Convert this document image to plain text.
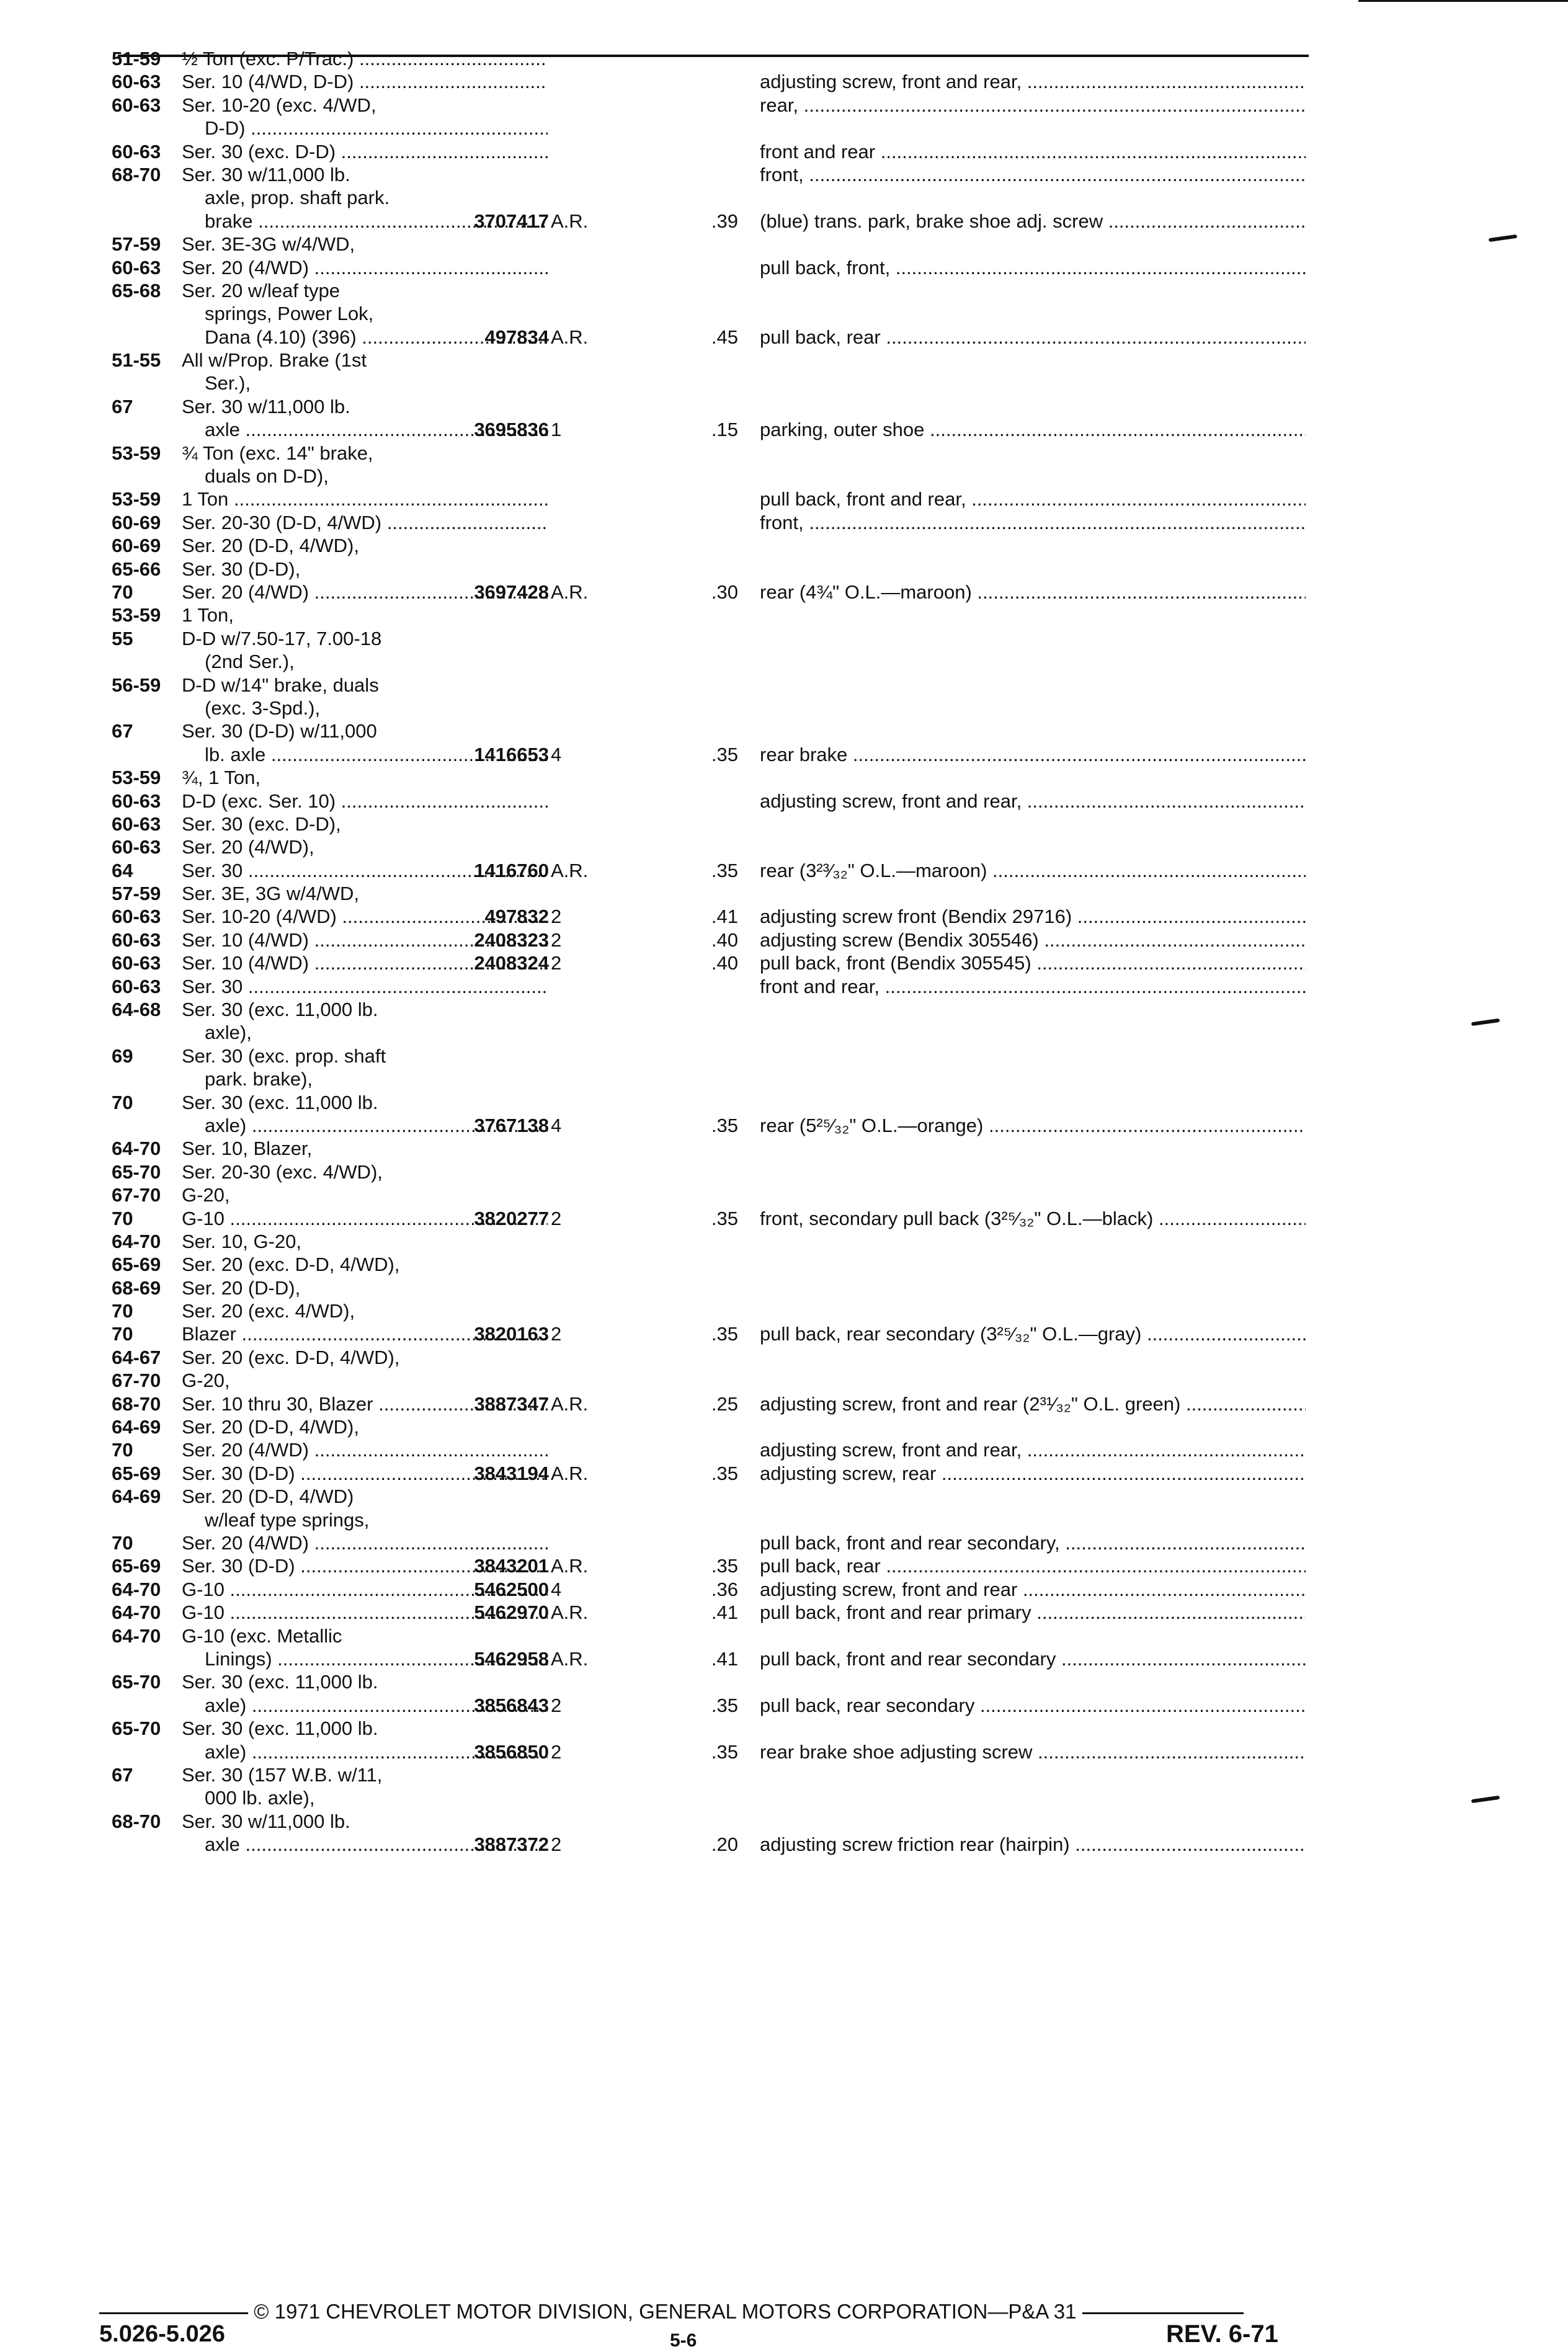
51-59	½ Ton (exc. P/Trac.) .....
60-63	Ser. 10 (4/WD, D-D) .....	adjusting screw, front and rear, .....
60-63	Ser. 10-20 (exc. 4/WD,	rear, .....
D-D) .....
60-63	Ser. 30 (exc. D-D) .....	front and rear .....
68-70	Ser. 30 w/11,000 lb.	front, .....
axle, prop. shaft park.
brake .....	3707417 A.R.	.39 (blue) trans. park, brake shoe adj. screw .....
57-59	Ser. 3E-3G w/4/WD,
60-63	Ser. 20 (4/WD) .....	pull back, front, .....
65-68	Ser. 20 w/leaf type
springs, Power Lok,
Dana (4.10) (396) .....	497834 A.R.	.45 pull back, rear .....
51-55	All w/Prop. Brake (1st
Ser.),
67	Ser. 30 w/11,000 lb.
axle .....	3695836 1	.15 parking, outer shoe .....
53-59	¾ Ton (exc. 14" brake,
duals on D-D),
53-59	1 Ton .....	pull back, front and rear, .....
60-69	Ser. 20-30 (D-D, 4/WD) .....	front, .....
60-69	Ser. 20 (D-D, 4/WD),
65-66	Ser. 30 (D-D),
70	Ser. 20 (4/WD) .....	3697428 A.R.	.30 rear (4¾" O.L.—maroon) .....
53-59	1 Ton,
55	D-D w/7.50-17, 7.00-18
(2nd Ser.),
56-59	D-D w/14" brake, duals
(exc. 3-Spd.),
67	Ser. 30 (D-D) w/11,000
lb. axle .....	1416653 4	.35 rear brake .....
53-59	¾, 1 Ton,
60-63	D-D (exc. Ser. 10) .....	adjusting screw, front and rear, .....
60-63	Ser. 30 (exc. D-D),
60-63	Ser. 20 (4/WD),
64	Ser. 30 .....	1416760 A.R.	.35 rear (3²³⁄₃₂" O.L.—maroon) .....
57-59	Ser. 3E, 3G w/4/WD,
60-63	Ser. 10-20 (4/WD) .....	497832 2	.41 adjusting screw front (Bendix 29716) .....
60-63	Ser. 10 (4/WD) .....	2408323 2	.40 adjusting screw (Bendix 305546) .....
60-63	Ser. 10 (4/WD) .....	2408324 2	.40 pull back, front (Bendix 305545) .....
60-63	Ser. 30 .....	front and rear, .....
64-68	Ser. 30 (exc. 11,000 lb.
axle),
69	Ser. 30 (exc. prop. shaft
park. brake),
70	Ser. 30 (exc. 11,000 lb.
axle) .....	3767138 4	.35 rear (5²⁵⁄₃₂" O.L.—orange) .....
64-70	Ser. 10, Blazer,
65-70	Ser. 20-30 (exc. 4/WD),
67-70	G-20,
70	G-10 .....	3820277 2	.35 front, secondary pull back (3²⁵⁄₃₂" O.L.—black) .....
64-70	Ser. 10, G-20,
65-69	Ser. 20 (exc. D-D, 4/WD),
68-69	Ser. 20 (D-D),
70	Ser. 20 (exc. 4/WD),
70	Blazer .....	3820163 2	.35 pull back, rear secondary (3²⁵⁄₃₂" O.L.—gray) .....
64-67	Ser. 20 (exc. D-D, 4/WD),
67-70	G-20,
68-70	Ser. 10 thru 30, Blazer .....	3887347 A.R.	.25 adjusting screw, front and rear (2³¹⁄₃₂" O.L. green) .....
64-69	Ser. 20 (D-D, 4/WD),
70	Ser. 20 (4/WD) .....	adjusting screw, front and rear, .....
65-69	Ser. 30 (D-D) .....	3843194 A.R.	.35 adjusting screw, rear .....
64-69	Ser. 20 (D-D, 4/WD)
w/leaf type springs,
70	Ser. 20 (4/WD) .....	pull back, front and rear secondary, .....
65-69	Ser. 30 (D-D) .....	3843201 A.R.	.35 pull back, rear .....
64-70	G-10 .....	5462500 4	.36 adjusting screw, front and rear .....
64-70	G-10 .....	5462970 A.R.	.41 pull back, front and rear primary .....
64-70	G-10 (exc. Metallic
Linings) .....	5462958 A.R.	.41 pull back, front and rear secondary .....
65-70	Ser. 30 (exc. 11,000 lb.
axle) .....	3856843 2	.35 pull back, rear secondary .....
65-70	Ser. 30 (exc. 11,000 lb.
axle) .....	3856850 2	.35 rear brake shoe adjusting screw .....
67	Ser. 30 (157 W.B. w/11,
000 lb. axle),
68-70	Ser. 30 w/11,000 lb.
axle .....	3887372 2	.20 adjusting screw friction rear (hairpin) .....
© 1971 CHEVROLET MOTOR DIVISION, GENERAL MOTORS CORPORATION—P&A 31
5.026-5.026	5-6	REV. 6-71
